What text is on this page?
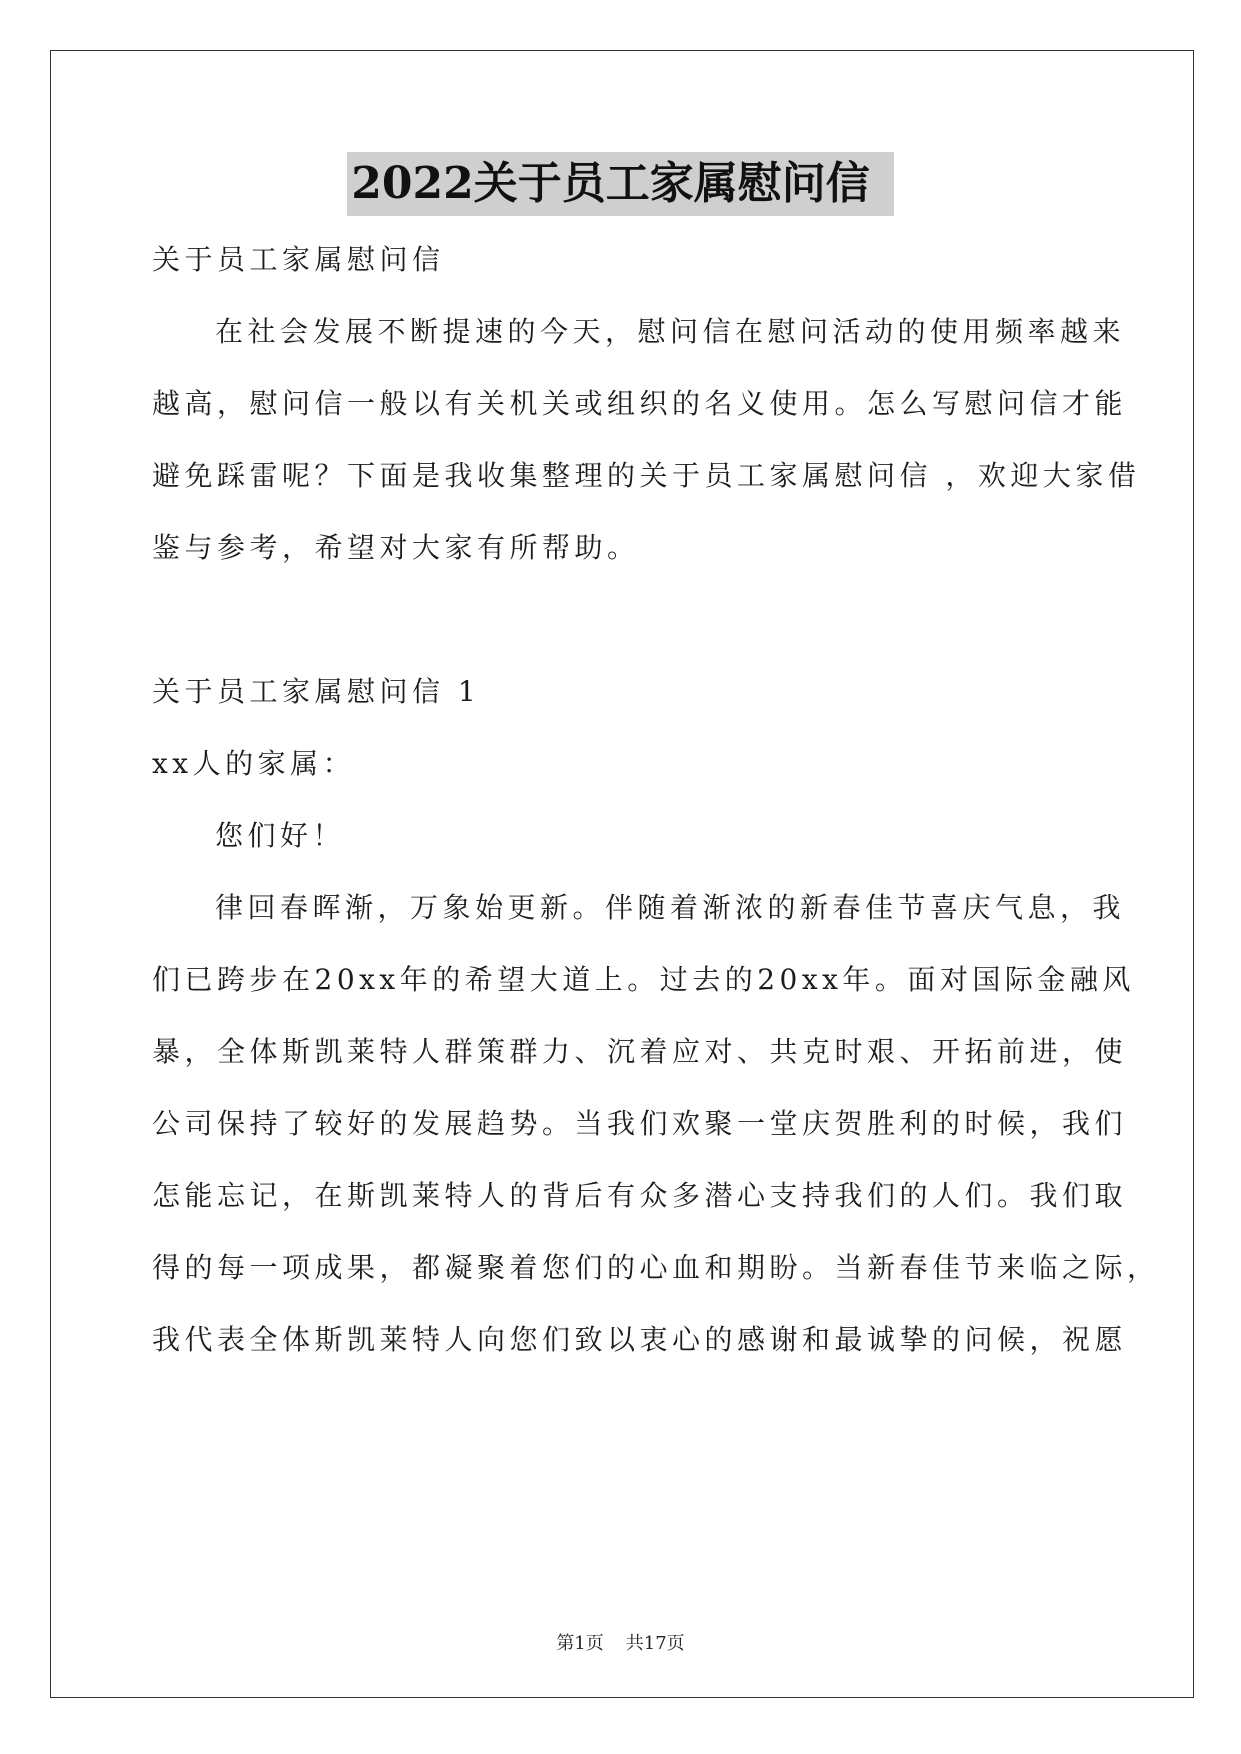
2022关于员工家属慰问信
关于员工家属慰问信
在社会发展不断提速的今天，慰问信在慰问活动的使用频率越来
越高，慰问信一般以有关机关或组织的名义使用。怎么写慰问信才能
避免踩雷呢？下面是我收集整理的关于员工家属慰问信 ，欢迎大家借
鉴与参考，希望对大家有所帮助。
关于员工家属慰问信 1
xx人的家属：
您们好！
律回春晖渐，万象始更新。伴随着渐浓的新春佳节喜庆气息，我
们已跨步在20xx年的希望大道上。过去的20xx年。面对国际金融风
暴，全体斯凯莱特人群策群力、沉着应对、共克时艰、开拓前进，使
公司保持了较好的发展趋势。当我们欢聚一堂庆贺胜利的时候，我们
怎能忘记，在斯凯莱特人的背后有众多潜心支持我们的人们。我们取
得的每一项成果，都凝聚着您们的心血和期盼。当新春佳节来临之际，
我代表全体斯凯莱特人向您们致以衷心的感谢和最诚挚的问候，祝愿
第1页 共17页
